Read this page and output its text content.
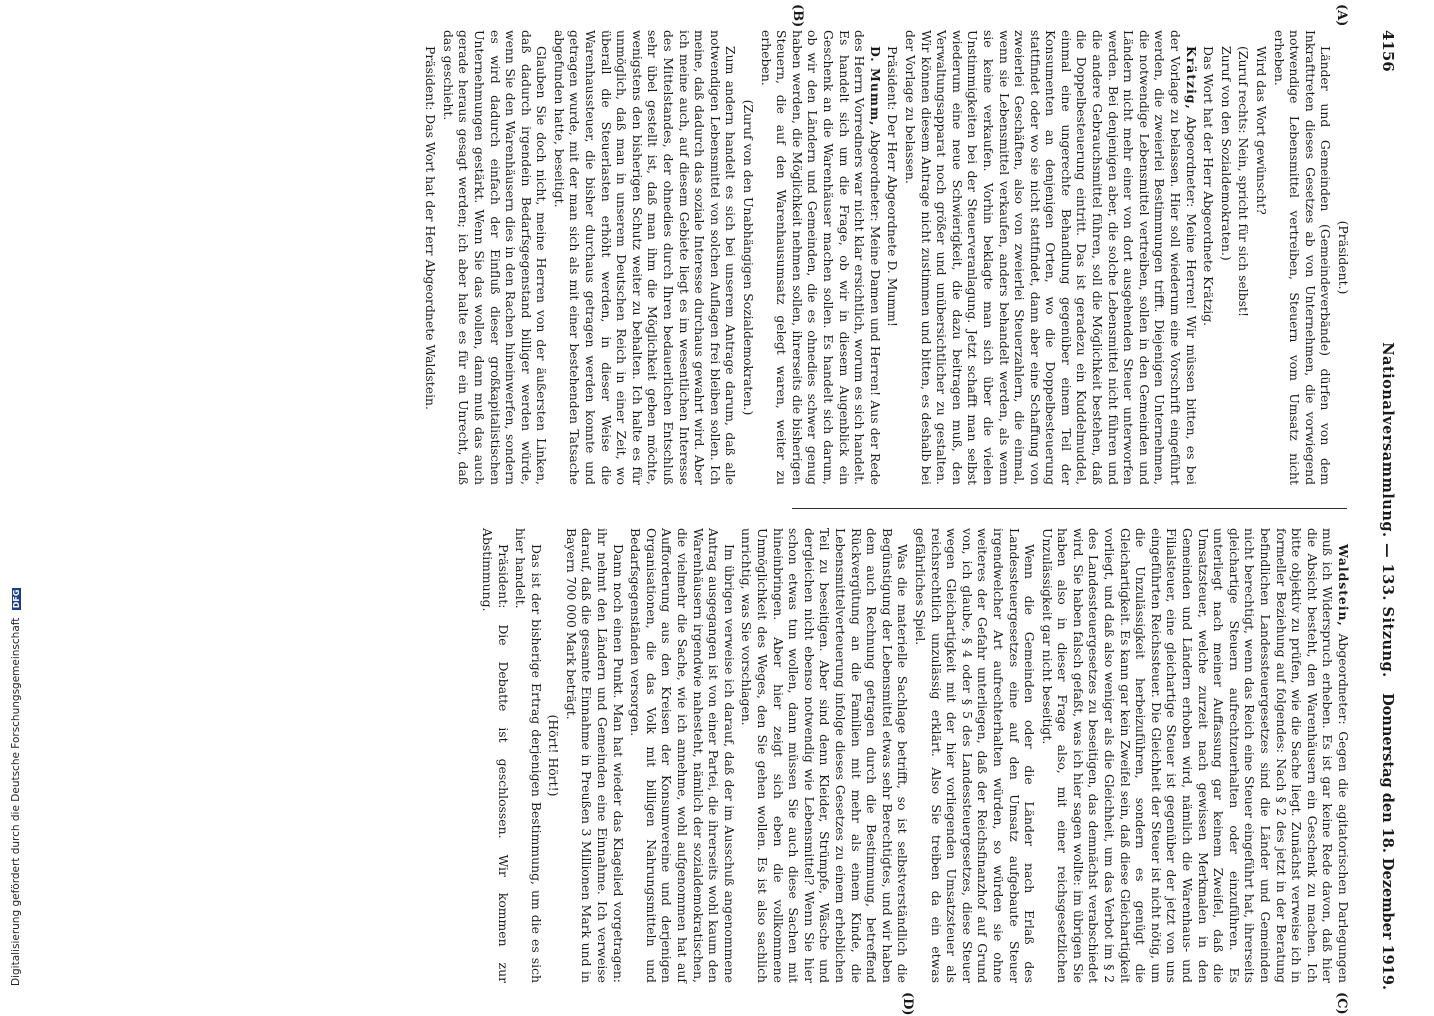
4156
Nationalversammlung. — 133. Sitzung.
Donnerstag den 18. Dezember 1919.
(A)
(B)
(C)
(D)

(Präsident.)

Länder und Gemeinden (Gemeindeverbände) dürfen von dem Inkrafttreten dieses Gesetzes ab von Unternehmen, die vorwiegend notwendige Lebensmittel vertreiben, Steuern vom Umsatz nicht erheben.

Wird das Wort gewünscht?

(Zuruf rechts: Nein, spricht für sich selbst!

Zuruf von den Sozialdemokraten.)

Das Wort hat der Herr Abgeordnete Krätzig.

Krätzig, Abgeordneter: Meine Herren! Wir müssen bitten, es bei der Vorlage zu belassen. Hier soll wiederum eine Vorschrift eingeführt werden, die zweierlei Bestimmungen trifft. Diejenigen Unternehmen, die notwendige Lebensmittel vertreiben, sollen in den Gemeinden und Ländern nicht mehr einer von dort ausgehenden Steuer unterworfen werden. Bei denjenigen aber, die solche Lebensmittel nicht führen und die andere Gebrauchsmittel führen, soll die Möglichkeit bestehen, daß die Doppelbesteuerung eintritt. Das ist geradezu ein Kuddelmuddel, einmal eine ungerechte Behandlung gegenüber einem Teil der Konsumenten an denjenigen Orten, wo die Doppelbesteuerung stattfindet oder wo sie nicht stattfindet, dann aber eine Schaffung von zweierlei Geschäften, also von zweierlei Steuerzahlern, die einmal, wenn sie Lebensmittel verkaufen, anders behandelt werden, als wenn sie keine verkaufen. Vorhin beklagte man sich über die vielen Unstimmigkeiten bei der Steuerveranlagung. Jetzt schafft man selbst wiederum eine neue Schwierigkeit, die dazu beitragen muß, den Verwaltungsapparat noch größer und unübersichtlicher zu gestalten. Wir können diesem Antrage nicht zustimmen und bitten, es deshalb bei der Vorlage zu belassen.

Präsident: Der Herr Abgeordnete D. Mumm!

D. Mumm, Abgeordneter: Meine Damen und Herren! Aus der Rede des Herrn Vorredners war nicht klar ersichtlich, worum es sich handelt. Es handelt sich um die Frage, ob wir in diesem Augenblick ein Geschenk an die Warenhäuser machen sollen. Es handelt sich darum, ob wir den Ländern und Gemeinden, die es ohnedies schwer genug haben werden, die Möglichkeit nehmen sollen, ihrerseits die bisherigen Steuern, die auf den Warenhausumsatz gelegt waren, weiter zu erheben.

(Zuruf von den Unabhängigen Sozialdemokraten.)

Zum andern handelt es sich bei unserem Antrage darum, daß alle notwendigen Lebensmittel von solchen Auflagen frei bleiben sollen. Ich meine, daß dadurch das soziale Interesse durchaus gewahrt wird. Aber ich meine auch, auf diesem Gebiete liegt es im wesentlichen Interesse des Mittelstandes, der ohnedies durch Ihren bedauerlichen Entschluß sehr übel gestellt ist, daß man ihm die Möglichkeit geben möchte, wenigstens den bisherigen Schutz weiter zu behalten. Ich halte es für unmöglich, daß man in unserem Deutschen Reich in einer Zeit, wo überall die Steuerlasten erhöht werden, in dieser Weise die Warenhaussteuer, die bisher durchaus getragen werden konnte und getragen wurde, mit der man sich als mit einer bestehenden Tatsache abgefunden hatte, beseitigt.

Glauben Sie doch nicht, meine Herren von der äußersten Linken, daß dadurch irgendein Bedarfsgegenstand billiger werden würde, wenn Sie den Warenhäusern dies in den Rachen hineinwerfen, sondern es wird dadurch einfach der Einfluß dieser großkapitalistischen Unternehmungen gestärkt. Wenn Sie das wollen, dann muß das auch gerade heraus gesagt werden; ich aber halte es für ein Unrecht, daß das geschieht.

Präsident: Das Wort hat der Herr Abgeordnete Waldstein.

Waldstein, Abgeordneter: Gegen die agitatorischen Darlegungen muß ich Widerspruch erheben. Es ist gar keine Rede davon, daß hier die Absicht besteht, den Warenhäusern ein Geschenk zu machen. Ich bitte objektiv zu prüfen, wie die Sache liegt. Zunächst verweise ich in formeller Beziehung auf folgendes: Nach § 2 des jetzt in der Beratung befindlichen Landessteuergesetzes sind die Länder und Gemeinden nicht berechtigt, wenn das Reich eine Steuer eingeführt hat, ihrerseits gleichartige Steuern aufrechtzuerhalten oder einzuführen. Es unterliegt nach meiner Auffassung gar keinem Zweifel, daß die Umsatzsteuer, welche zurzeit nach gewissen Merkmalen in den Gemeinden und Ländern erhoben wird, nämlich die Warenhaus- und Filialsteuer, eine gleichartige Steuer ist gegenüber der jetzt von uns eingeführten Reichssteuer. Die Gleichheit der Steuer ist nicht nötig, um die Unzulässigkeit herbeizuführen, sondern es genügt die Gleichartigkeit. Es kann gar kein Zweifel sein, daß diese Gleichartigkeit vorliegt, und daß also weniger als die Gleichheit, um das Verbot im § 2 des Landessteuergesetzes zu beseitigen, das demnächst verabschiedet wird. Sie haben falsch gefaßt, was ich hier sagen wollte: im übrigen Sie haben also in dieser Frage also, mit einer reichsgesetzlichen Unzulässigkeit gar nicht beseitigt.

Wenn die Gemeinden oder die Länder nach Erlaß des Landessteuergesetzes eine auf den Umsatz aufgebaute Steuer irgendwelcher Art aufrechterhalten würden, so würden sie ohne weiteres der Gefahr unterliegen, daß der Reichsfinanzhof auf Grund von, ich glaube, § 4 oder § 5 des Landessteuergesetzes, diese Steuer wegen Gleichartigkeit mit der hier vorliegenden Umsatzsteuer als reichsrechtlich unzulässig erklärt. Also Sie treiben da ein etwas gefährliches Spiel.

Was die materielle Sachlage betrifft, so ist selbstverständlich die Begünstigung der Lebensmittel etwas sehr Berechtigtes, und wir haben dem auch Rechnung getragen durch die Bestimmung, betreffend Rückvergütung an die Familien mit mehr als einem Kinde, die Lebensmittelverteuerung infolge dieses Gesetzes zu einem erheblichen Teil zu beseitigen. Aber sind denn Kleider, Strümpfe, Wäsche und dergleichen nicht ebenso notwendig wie Lebensmittel? Wenn Sie hier schon etwas tun wollen, dann müssen Sie auch diese Sachen mit hineinbringen. Aber hier zeigt sich eben die vollkommene Unmöglichkeit des Weges, den Sie gehen wollen. Es ist also sachlich unrichtig, was Sie vorschlagen.

Im übrigen verweise ich darauf, daß der im Ausschuß angenommene Antrag ausgegangen ist von einer Partei, die ihrerseits wohl kaum den Warenhäusern irgendwie nahesteht, nämlich der sozialdemokratischen, die vielmehr die Sache, wie ich annehme, wohl aufgenommen hat auf Aufforderung aus den Kreisen der Konsumvereine und derjenigen Organisationen, die das Volk mit billigen Nahrungsmitteln und Bedarfsgegenständen versorgen.

Dann noch einen Punkt. Man hat wieder das Klagelied vorgetragen: ihr nehmt den Ländern und Gemeinden eine Einnahme. Ich verweise darauf, daß die gesamte Einnahme in Preußen 3 Millionen Mark und in Bayern 700 000 Mark beträgt.

(Hört! Hört!)

Das ist der bisherige Ertrag derjenigen Bestimmung, um die es sich hier handelt.

Präsident: Die Debatte ist geschlossen. Wir kommen zur Abstimmung.

Digitalisierung gefördert durch die Deutsche Forschungsgemeinschaft DFG
